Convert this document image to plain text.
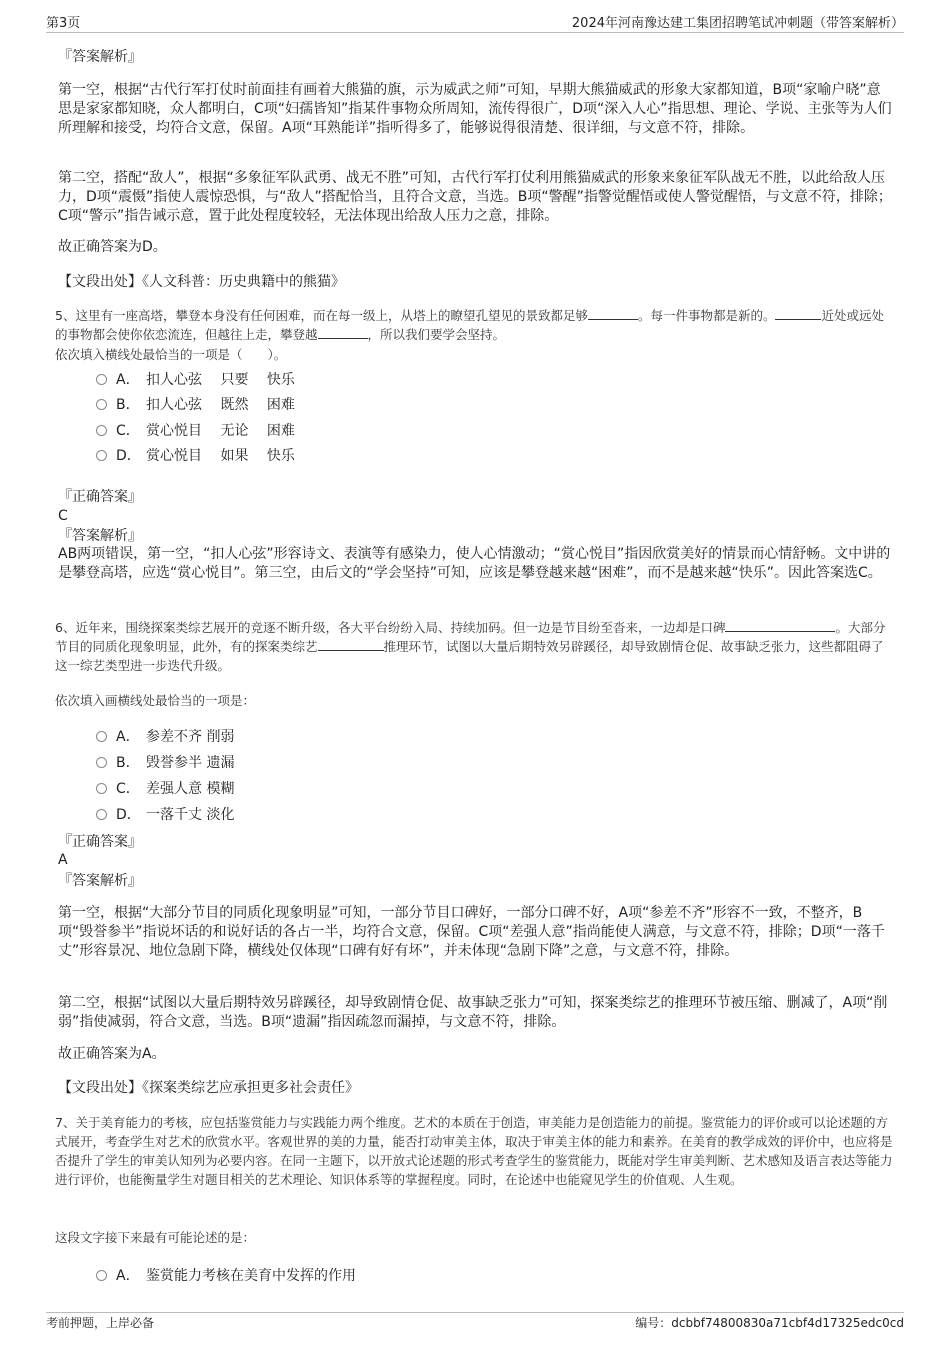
第3页	2024年河南豫达建工集团招聘笔试冲刺题（带答案解析）
『答案解析』
第一空，根据“古代行军打仗时前面挂有画着大熊猫的旗，示为威武之师”可知，早期大熊猫威武的形象大家都知道，B项“家喻户晓”意思是家家都知晓，众人都明白，C项“妇孺皆知”指某件事物众所周知，流传得很广，D项“深入人心”指思想、理论、学说、主张等为人们所理解和接受，均符合文意，保留。A项“耳熟能详”指听得多了，能够说得很清楚、很详细，与文意不符，排除。
第二空，搭配“敌人”，根据“多象征军队武勇、战无不胜”可知，古代行军打仗利用熊猫威武的形象来象征军队战无不胜，以此给敌人压力，D项“震慑”指使人震惊恐惧，与“敌人”搭配恰当，且符合文意，当选。B项“警醒”指警觉醒悟或使人警觉醒悟，与文意不符，排除；C项“警示”指告诫示意，置于此处程度较轻，无法体现出给敌人压力之意，排除。
故正确答案为D。
【文段出处】《人文科普：历史典籍中的熊猫》
5、这里有一座高塔，攀登本身没有任何困难，而在每一级上，从塔上的瞭望孔望见的景致都足够	。每一件事物都是新的。	近处或远处的事物都会使你依恋流连，但越往上走，攀登越	，所以我们要学会坚持。
依次填入横线处最恰当的一项是（　　）。
A． 扣人心弦　 只要　 快乐
B． 扣人心弦　 既然　 困难
C． 赏心悦目　 无论　 困难
D． 赏心悦目　 如果　 快乐
『正确答案』
C
『答案解析』
AB两项错误，第一空，“扣人心弦”形容诗文、表演等有感染力，使人心情激动；“赏心悦目”指因欣赏美好的情景而心情舒畅。文中讲的是攀登高塔，应选“赏心悦目”。第三空，由后文的“学会坚持”可知，应该是攀登越来越“困难”，而不是越来越“快乐”。因此答案选C。
6、近年来，围绕探案类综艺展开的竞逐不断升级，各大平台纷纷入局、持续加码。但一边是节目纷至沓来，一边却是口碑	。大部分节目的同质化现象明显，此外，有的探案类综艺	推理环节，试图以大量后期特效另辟蹊径，却导致剧情仓促、故事缺乏张力，这些都阻碍了这一综艺类型进一步迭代升级。
依次填入画横线处最恰当的一项是：
A． 参差不齐 削弱
B． 毁誉参半 遗漏
C． 差强人意 模糊
D． 一落千丈 淡化
『正确答案』
A
『答案解析』
第一空，根据“大部分节目的同质化现象明显”可知，一部分节目口碑好，一部分口碑不好，A项“参差不齐”形容不一致，不整齐，B项“毁誉参半”指说坏话的和说好话的各占一半，均符合文意，保留。C项“差强人意”指尚能使人满意，与文意不符，排除；D项“一落千丈”形容景况、地位急剧下降，横线处仅体现“口碑有好有坏”，并未体现“急剧下降”之意，与文意不符，排除。
第二空，根据“试图以大量后期特效另辟蹊径，却导致剧情仓促、故事缺乏张力”可知，探案类综艺的推理环节被压缩、删减了，A项“削弱”指使减弱，符合文意，当选。B项“遗漏”指因疏忽而漏掉，与文意不符，排除。
故正确答案为A。
【文段出处】《探案类综艺应承担更多社会责任》
7、关于美育能力的考核，应包括鉴赏能力与实践能力两个维度。艺术的本质在于创造，审美能力是创造能力的前提。鉴赏能力的评价或可以论述题的方式展开，考查学生对艺术的欣赏水平。客观世界的美的力量，能否打动审美主体，取决于审美主体的能力和素养。在美育的教学成效的评价中，也应将是否提升了学生的审美认知列为必要内容。在同一主题下，以开放式论述题的形式考查学生的鉴赏能力，既能对学生审美判断、艺术感知及语言表达等能力进行评价，也能衡量学生对题目相关的艺术理论、知识体系等的掌握程度。同时，在论述中也能窥见学生的价值观、人生观。
这段文字接下来最有可能论述的是：
A． 鉴赏能力考核在美育中发挥的作用
考前押题，上岸必备	编号：dcbbf74800830a71cbf4d17325edc0cd
